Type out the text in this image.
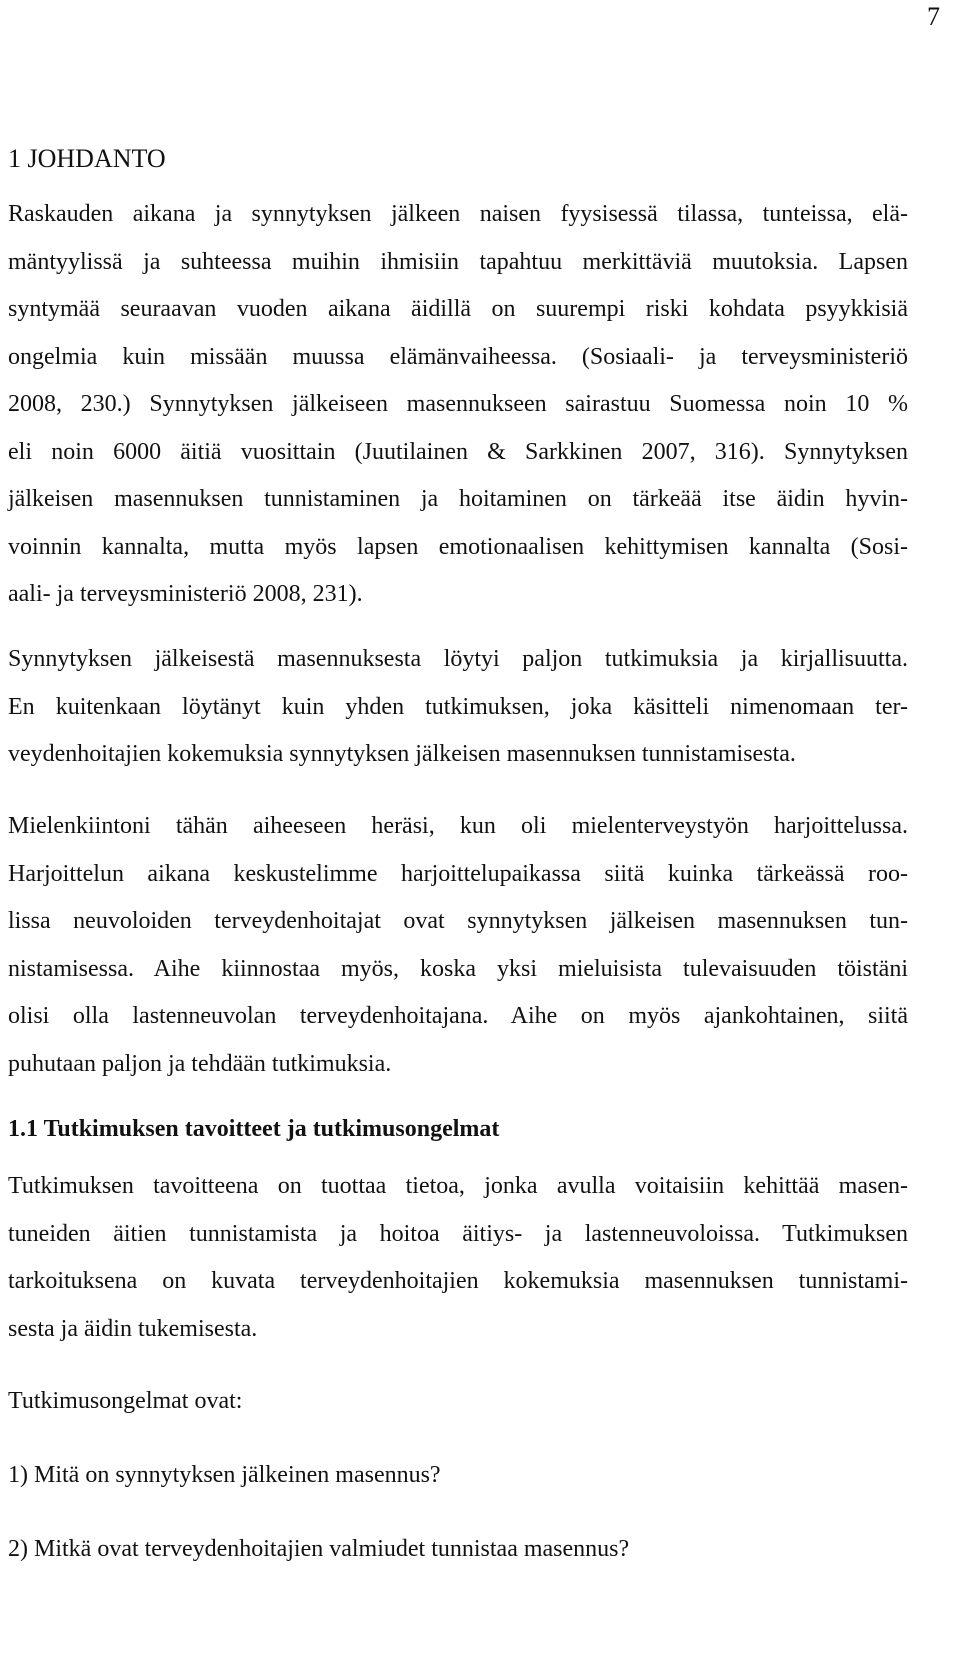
7
1 JOHDANTO

Raskauden aikana ja synnytyksen jälkeen naisen fyysisessä tilassa, tunteissa, elä-
mäntyylissä ja suhteessa muihin ihmisiin tapahtuu merkittäviä muutoksia. Lapsen
syntymää seuraavan vuoden aikana äidillä on suurempi riski kohdata psyykkisiä
ongelmia kuin missään muussa elämänvaiheessa. (Sosiaali- ja terveysministeriö
2008, 230.) Synnytyksen jälkeiseen masennukseen sairastuu Suomessa noin 10 %
eli noin 6000 äitiä vuosittain (Juutilainen & Sarkkinen 2007, 316). Synnytyksen
jälkeisen masennuksen tunnistaminen ja hoitaminen on tärkeää itse äidin hyvin-
voinnin kannalta, mutta myös lapsen emotionaalisen kehittymisen kannalta (Sosi-
aali- ja terveysministeriö 2008, 231).

Synnytyksen jälkeisestä masennuksesta löytyi paljon tutkimuksia ja kirjallisuutta.
En kuitenkaan löytänyt kuin yhden tutkimuksen, joka käsitteli nimenomaan ter-
veydenhoitajien kokemuksia synnytyksen jälkeisen masennuksen tunnistamisesta.

Mielenkiintoni tähän aiheeseen heräsi, kun oli mielenterveystyön harjoittelussa.
Harjoittelun aikana keskustelimme harjoittelupaikassa siitä kuinka tärkeässä roo-
lissa neuvoloiden terveydenhoitajat ovat synnytyksen jälkeisen masennuksen tun-
nistamisessa. Aihe kiinnostaa myös, koska yksi mieluisista tulevaisuuden töistäni
olisi olla lastenneuvolan terveydenhoitajana. Aihe on myös ajankohtainen, siitä
puhutaan paljon ja tehdään tutkimuksia.

1.1 Tutkimuksen tavoitteet ja tutkimusongelmat

Tutkimuksen tavoitteena on tuottaa tietoa, jonka avulla voitaisiin kehittää masen-
tuneiden äitien tunnistamista ja hoitoa äitiys- ja lastenneuvoloissa. Tutkimuksen
tarkoituksena on kuvata terveydenhoitajien kokemuksia masennuksen tunnistami-
sesta ja äidin tukemisesta.

Tutkimusongelmat ovat:

1) Mitä on synnytyksen jälkeinen masennus?

2) Mitkä ovat terveydenhoitajien valmiudet tunnistaa masennus?
